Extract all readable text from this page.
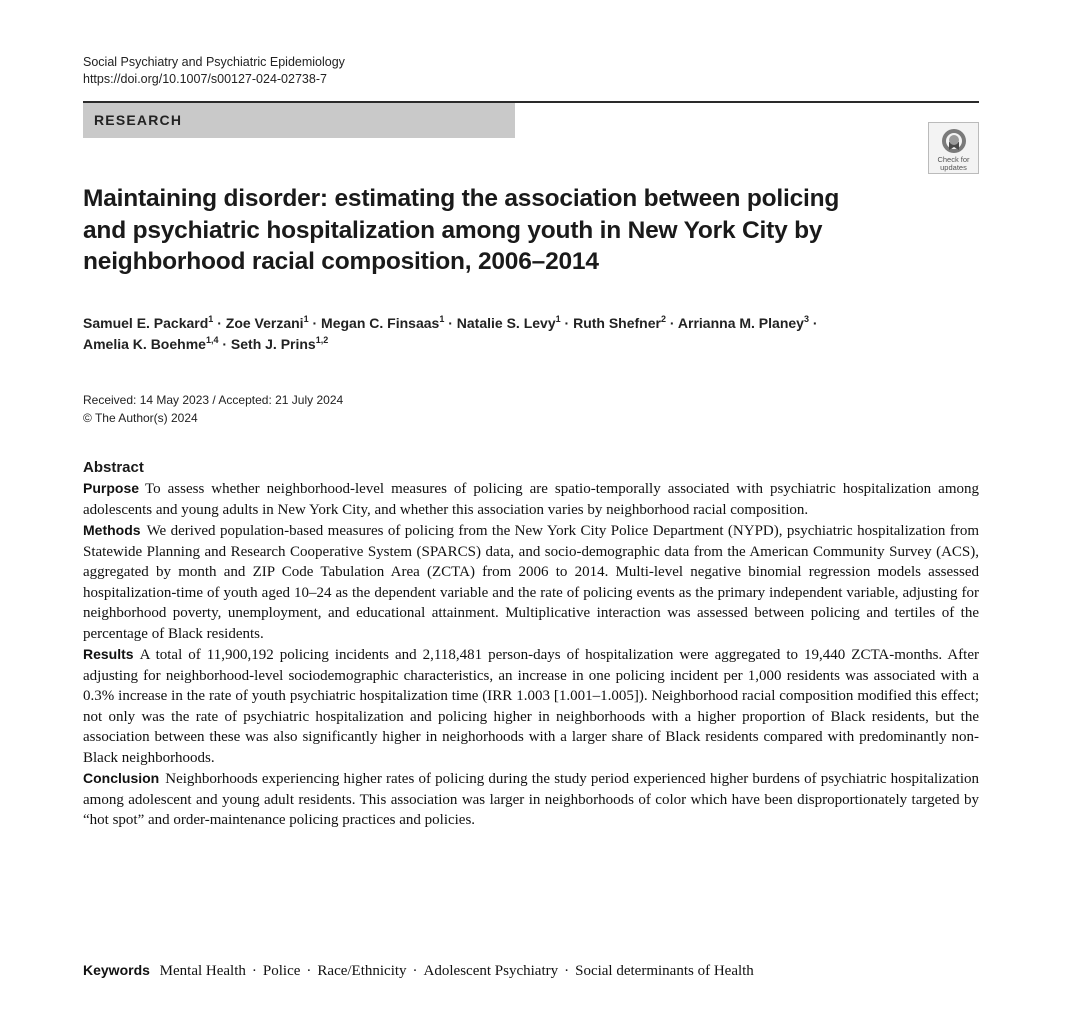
Social Psychiatry and Psychiatric Epidemiology
https://doi.org/10.1007/s00127-024-02738-7
RESEARCH
Check for
updates
Maintaining disorder: estimating the association between policing and psychiatric hospitalization among youth in New York City by neighborhood racial composition, 2006–2014
Samuel E. Packard$^1$ · Zoe Verzani$^1$ · Megan C. Finsaas$^1$ · Natalie S. Levy$^1$ · Ruth Shefner$^2$ · Arrianna M. Planey$^3$ ·
Amelia K. Boehme$^{1,4}$ · Seth J. Prins$^{1,2}$
Received: 14 May 2023 / Accepted: 21 July 2024
© The Author(s) 2024
Abstract

Purpose To assess whether neighborhood-level measures of policing are spatio-temporally associated with psychiatric hospitalization among adolescents and young adults in New York City, and whether this association varies by neighborhood racial composition.

Methods We derived population-based measures of policing from the New York City Police Department (NYPD), psychiatric hospitalization from Statewide Planning and Research Cooperative System (SPARCS) data, and socio-demographic data from the American Community Survey (ACS), aggregated by month and ZIP Code Tabulation Area (ZCTA) from 2006 to 2014. Multi-level negative binomial regression models assessed hospitalization-time of youth aged 10–24 as the dependent variable and the rate of policing events as the primary independent variable, adjusting for neighborhood poverty, unemployment, and educational attainment. Multiplicative interaction was assessed between policing and tertiles of the percentage of Black residents.

Results A total of 11,900,192 policing incidents and 2,118,481 person-days of hospitalization were aggregated to 19,440 ZCTA-months. After adjusting for neighborhood-level sociodemographic characteristics, an increase in one policing incident per 1,000 residents was associated with a 0.3% increase in the rate of youth psychiatric hospitalization time (IRR 1.003 [1.001–1.005]). Neighborhood racial composition modified this effect; not only was the rate of psychiatric hospitalization and policing higher in neighborhoods with a higher proportion of Black residents, but the association between these was also significantly higher in neighorhoods with a larger share of Black residents compared with predominantly non-Black neighborhoods.

Conclusion Neighborhoods experiencing higher rates of policing during the study period experienced higher burdens of psychiatric hospitalization among adolescent and young adult residents. This association was larger in neighborhoods of color which have been disproportionately targeted by “hot spot” and order-maintenance policing practices and policies.

Keywords Mental Health · Police · Race/Ethnicity · Adolescent Psychiatry · Social determinants of Health
